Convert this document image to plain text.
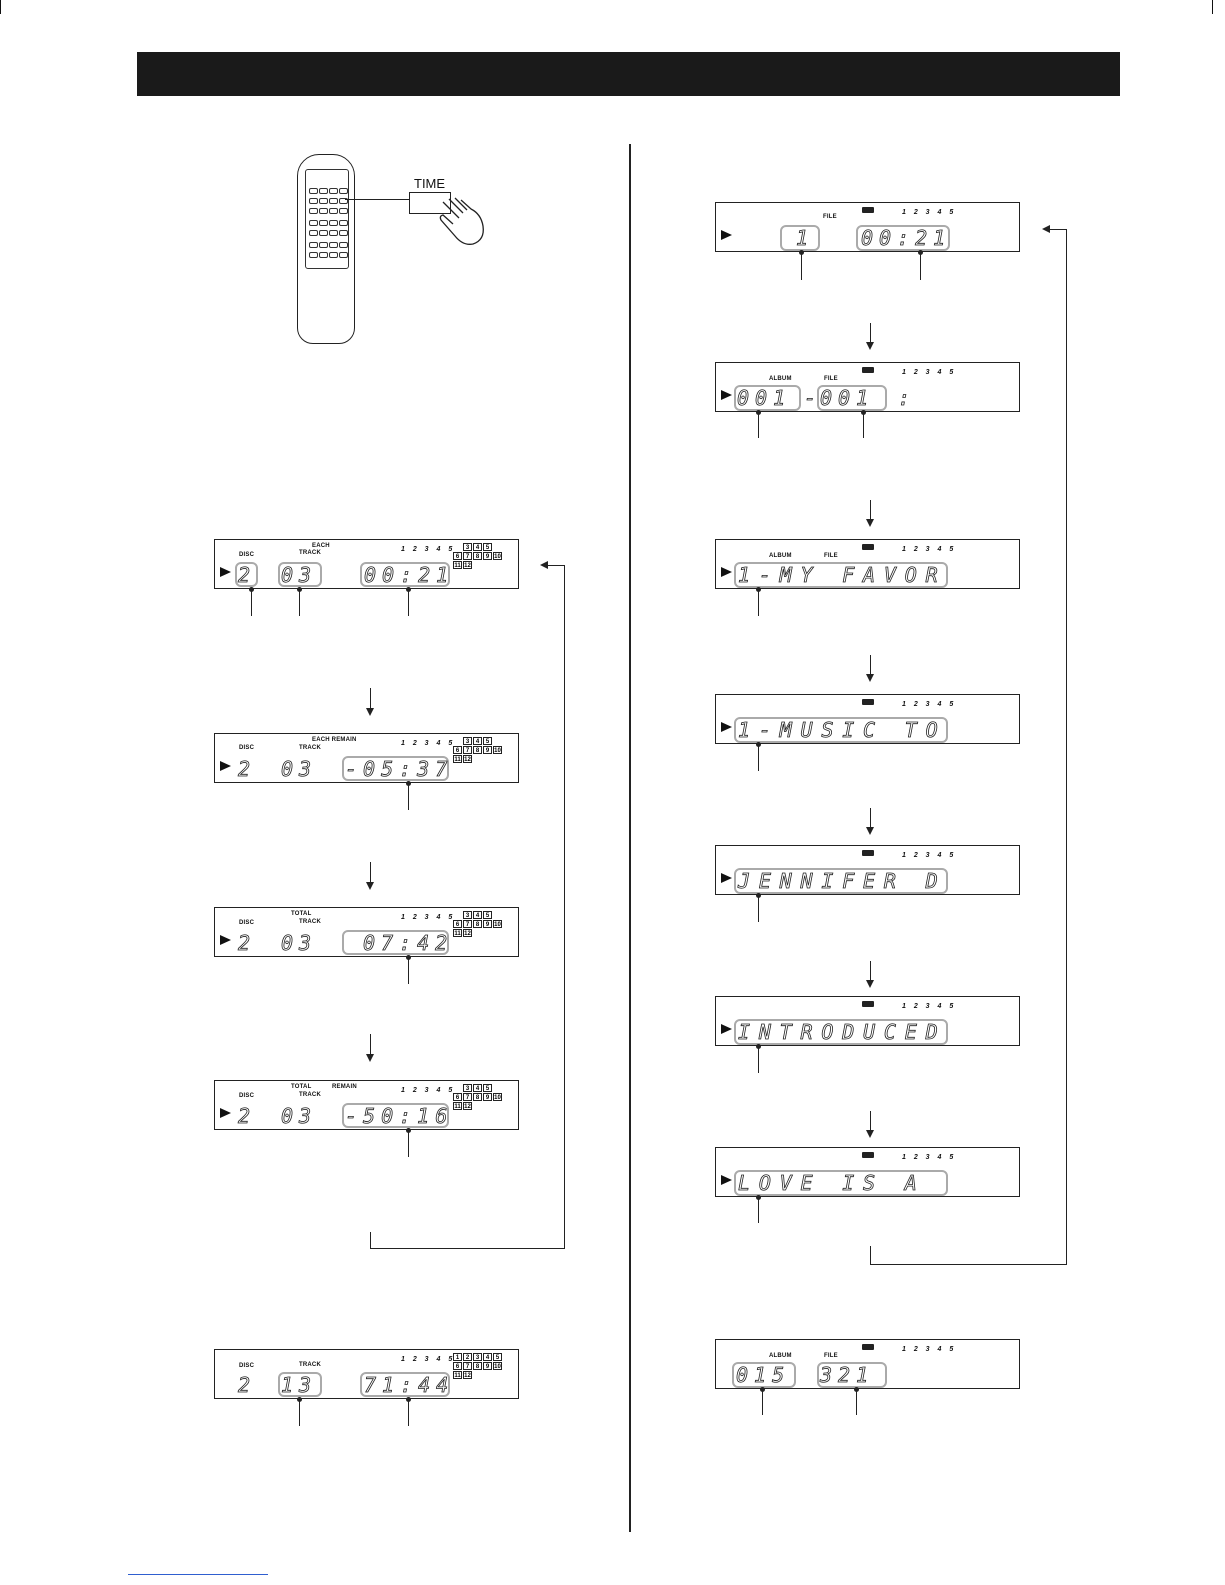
TIME
EACH
DISC	TRACK	1 2 3 4 5	3	4	5
6	7	8	9 10
11 12
2 03 00:21
EACH REMAIN
DISC	TRACK
1 2 3 4 5	3	4	5
6	7	8	9 10
11 12
2 03 -05:37
TOTAL
DISC	TRACK
1 2 3 4 5	3	4	5
6	7	8	9 10
11 12
2 03 07:42
TOTAL	REMAIN
DISC	TRACK
1 2 3 4 5	3	4	5
6	7	8	9 10
11 12
2 03 -50:16
DISC	TRACK
1 2 3 4 5 1	2	3	4	5
6	7	8	9 10
11 12
2 13 71:44
FILE
1 2 3 4 5
1 00:21
ALBUM	FILE
1 2 3 4 5
001 -
001 :
ALBUM	FILE
1 2 3 4 5
1-MY FAVOR
1 2 3 4 5
1-MUSIC TO
1 2 3 4 5
JENNIFER D
1 2 3 4 5
INTRODUCED
1 2 3 4 5
LOVE IS A
ALBUM	FILE
1 2 3 4 5
015 321
